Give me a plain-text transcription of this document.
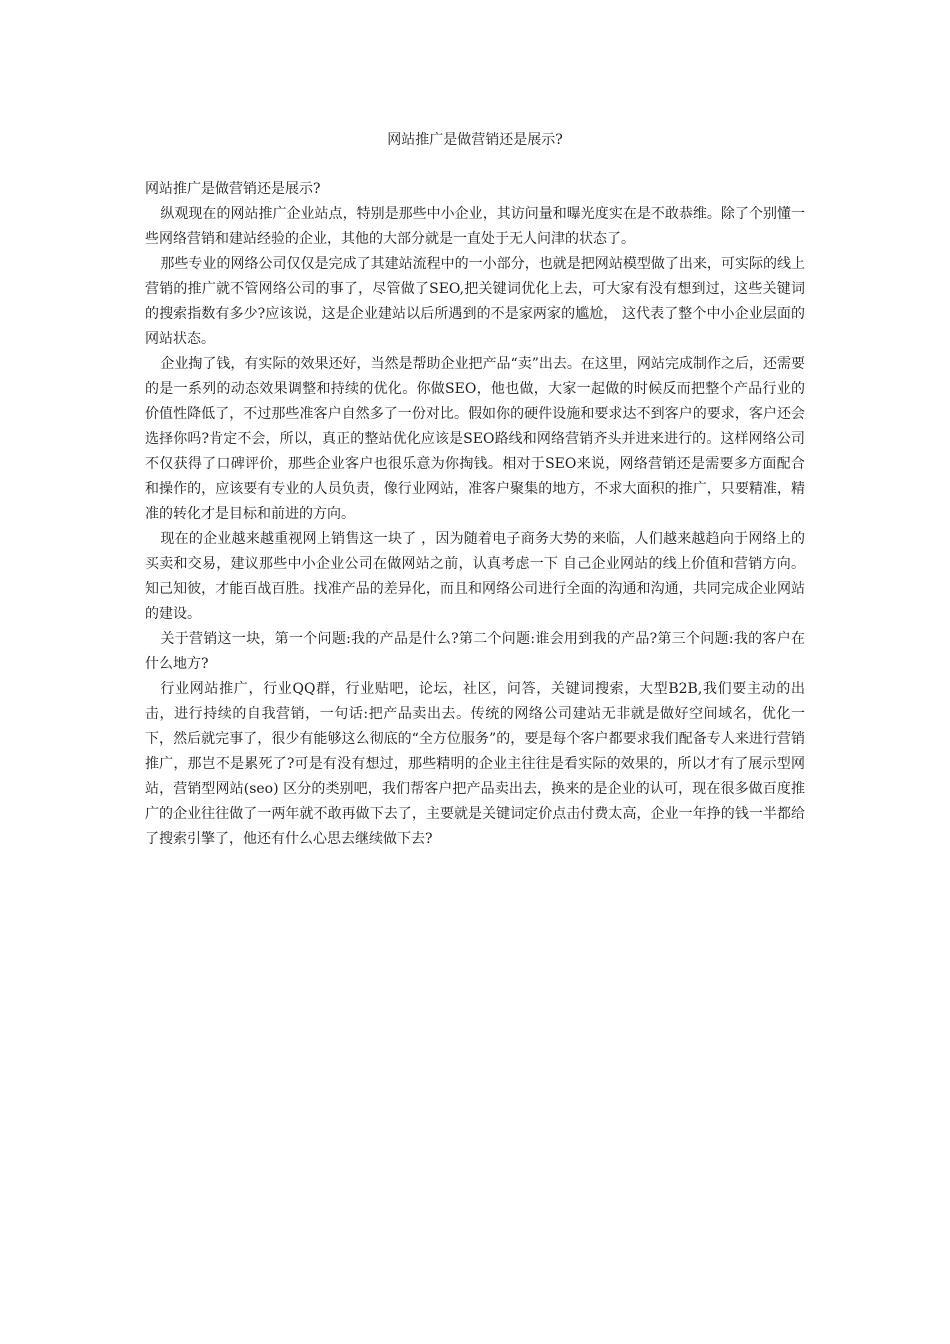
网站推广是做营销还是展示?

网站推广是做营销还是展示?

纵观现在的网站推广企业站点，特别是那些中小企业，其访问量和曝光度实在是不敢恭维。除了个别懂一些网络营销和建站经验的企业，其他的大部分就是一直处于无人问津的状态了。

那些专业的网络公司仅仅是完成了其建站流程中的一小部分，也就是把网站模型做了出来，可实际的线上营销的推广就不管网络公司的事了，尽管做了SEO,把关键词优化上去，可大家有没有想到过，这些关键词的搜索指数有多少?应该说，这是企业建站以后所遇到的不是家两家的尴尬， 这代表了整个中小企业层面的网站状态。

企业掏了钱，有实际的效果还好，当然是帮助企业把产品“卖”出去。在这里，网站完成制作之后，还需要的是一系列的动态效果调整和持续的优化。你做SEO，他也做，大家一起做的时候反而把整个产品行业的价值性降低了，不过那些准客户自然多了一份对比。假如你的硬件设施和要求达不到客户的要求，客户还会选择你吗?肯定不会，所以，真正的整站优化应该是SEO路线和网络营销齐头并进来进行的。这样网络公司不仅获得了口碑评价，那些企业客户也很乐意为你掏钱。相对于SEO来说，网络营销还是需要多方面配合和操作的，应该要有专业的人员负责，像行业网站，准客户聚集的地方，不求大面积的推广，只要精准，精准的转化才是目标和前进的方向。

现在的企业越来越重视网上销售这一块了 ，因为随着电子商务大势的来临，人们越来越趋向于网络上的买卖和交易，建议那些中小企业公司在做网站之前，认真考虑一下 自己企业网站的线上价值和营销方向。知己知彼，才能百战百胜。找准产品的差异化，而且和网络公司进行全面的沟通和沟通，共同完成企业网站的建设。

关于营销这一块，第一个问题:我的产品是什么?第二个问题:谁会用到我的产品?第三个问题:我的客户在什么地方?

行业网站推广，行业QQ群，行业贴吧，论坛，社区，问答，关键词搜索，大型B2B,我们要主动的出击，进行持续的自我营销，一句话:把产品卖出去。传统的网络公司建站无非就是做好空间域名，优化一下，然后就完事了，很少有能够这么彻底的“全方位服务”的，要是每个客户都要求我们配备专人来进行营销推广，那岂不是累死了?可是有没有想过，那些精明的企业主往往是看实际的效果的，所以才有了展示型网站，营销型网站(seo) 区分的类别吧，我们帮客户把产品卖出去，换来的是企业的认可，现在很多做百度推广的企业往往做了一两年就不敢再做下去了，主要就是关键词定价点击付费太高，企业一年挣的钱一半都给了搜索引擎了，他还有什么心思去继续做下去?
